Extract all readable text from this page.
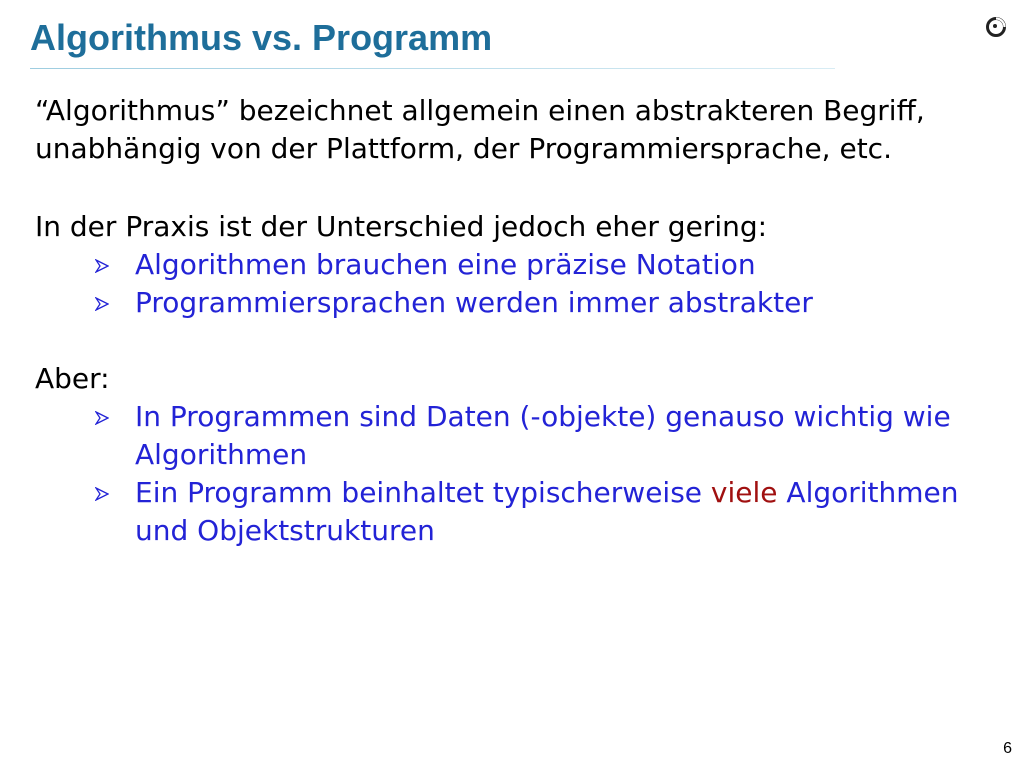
Algorithmus vs. Programm

“Algorithmus” bezeichnet allgemein einen abstrakteren Begriff, unabhängig von der Plattform, der Programmiersprache, etc.

In der Praxis ist der Unterschied jedoch eher gering:

Algorithmen brauchen eine präzise Notation
Programmiersprachen werden immer abstrakter

Aber:

In Programmen sind Daten (-objekte) genauso wichtig wie Algorithmen
Ein Programm beinhaltet typischerweise viele Algorithmen und Objektstrukturen
6
